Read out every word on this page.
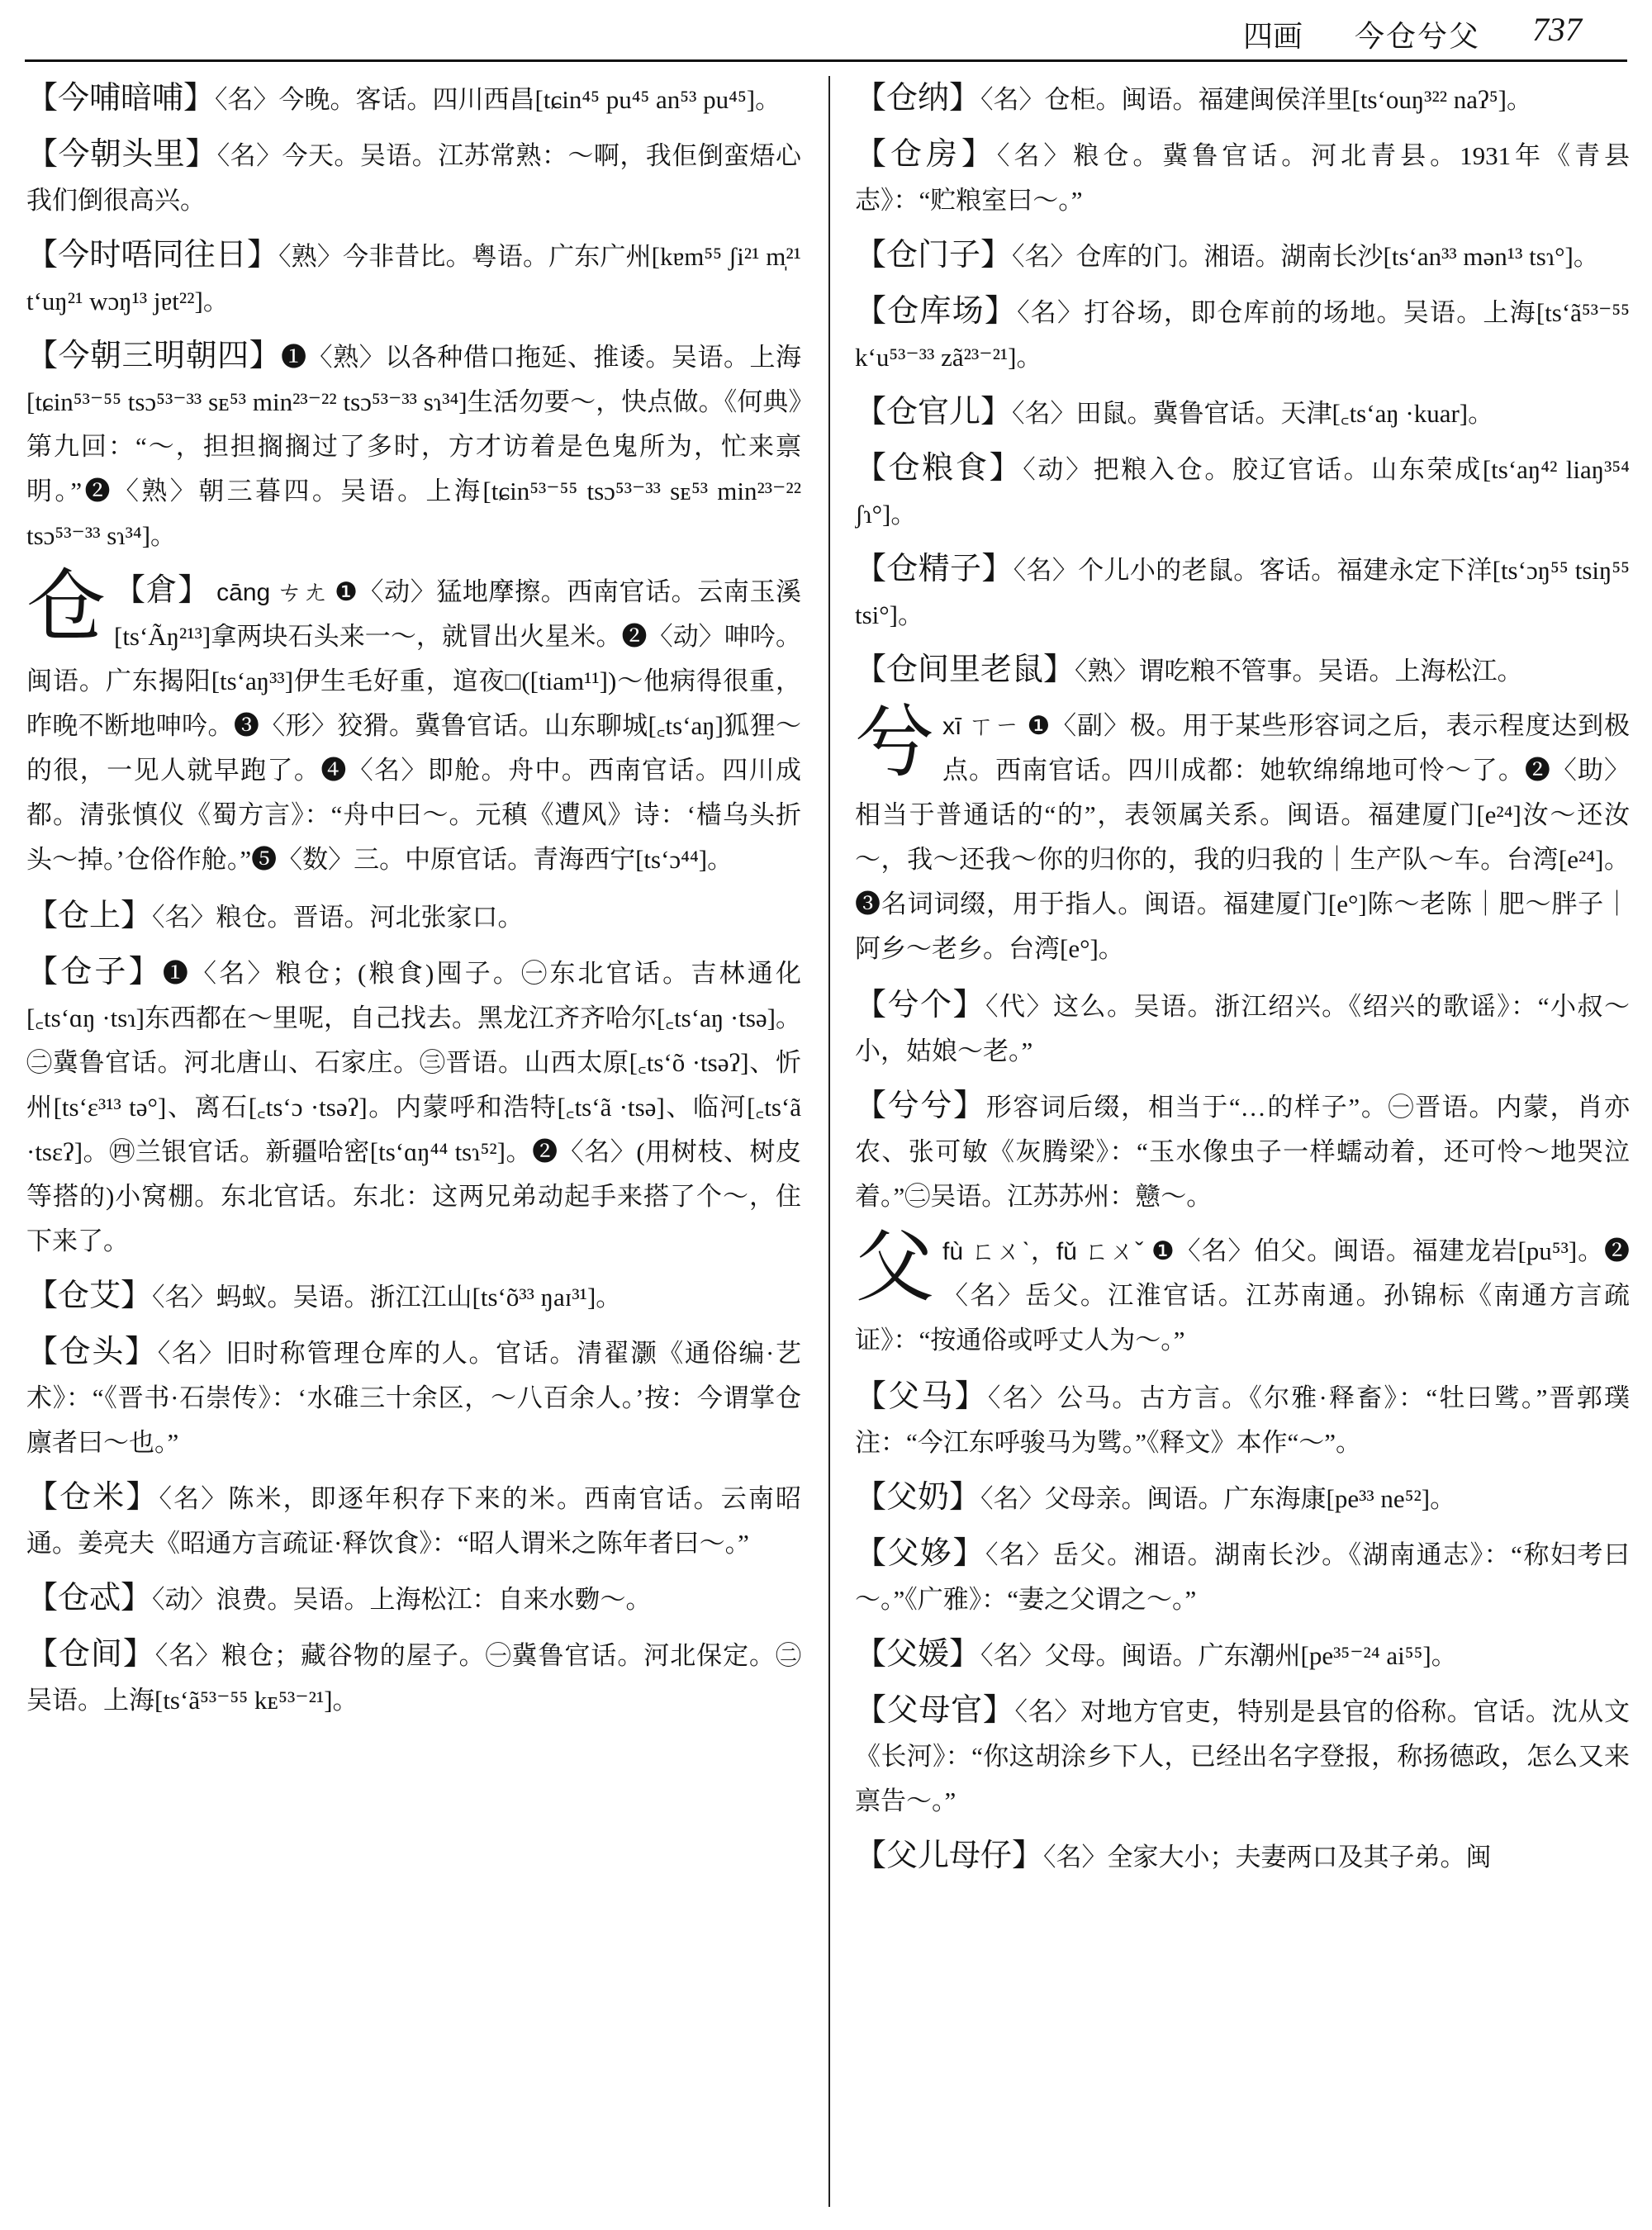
四画 今仓兮父 737

【今哺暗哺】〈名〉今晚。客话。四川西昌[tɕin⁴⁵ pu⁴⁵ an⁵³ pu⁴⁵]。

【今朝头里】〈名〉今天。吴语。江苏常熟：～啊，我佢倒蛮焐心我们倒很高兴。

【今时唔同往日】〈熟〉今非昔比。粤语。广东广州[kɐm⁵⁵ ʃi²¹ m̩²¹ tʻuŋ²¹ wɔŋ¹³ jɐt²²]。

【今朝三明朝四】❶〈熟〉以各种借口拖延、推诿。吴语。上海[tɕin⁵³⁻⁵⁵ tsɔ⁵³⁻³³ sᴇ⁵³ min²³⁻²² tsɔ⁵³⁻³³ sɿ³⁴]生活勿要～，快点做。《何典》第九回：“～，担担搁搁过了多时，方才访着是色鬼所为，忙来禀明。”❷〈熟〉朝三暮四。吴语。上海[tɕin⁵³⁻⁵⁵ tsɔ⁵³⁻³³ sᴇ⁵³ min²³⁻²² tsɔ⁵³⁻³³ sɿ³⁴]。

仓 【倉】 cāng ㄘㄤ ❶〈动〉猛地摩擦。西南官话。云南玉溪[tsʻÃŋ²¹³]拿两块石头来一～，就冒出火星米。❷〈动〉呻吟。闽语。广东揭阳[tsʻaŋ³³]伊生毛好重，逭夜□([tiam¹¹])～他病得很重，昨晚不断地呻吟。❸〈形〉狡猾。冀鲁官话。山东聊城[꜀tsʻaŋ]狐狸～的很，一见人就早跑了。❹〈名〉即舱。舟中。西南官话。四川成都。清张慎仪《蜀方言》：“舟中曰～。元稹《遭风》诗：‘樯乌头折头～掉。’仓俗作舱。”❺〈数〉三。中原官话。青海西宁[tsʻɔ⁴⁴]。

【仓上】〈名〉粮仓。晋语。河北张家口。

【仓子】❶〈名〉粮仓；(粮食)囤子。㊀东北官话。吉林通化[꜀tsʻɑŋ ·tsɿ]东西都在～里呢，自己找去。黑龙江齐齐哈尔[꜀tsʻaŋ ·tsə]。㊁冀鲁官话。河北唐山、石家庄。㊂晋语。山西太原[꜀tsʻõ ·tsəʔ]、忻州[tsʻɛ³¹³ tə°]、离石[꜀tsʻɔ ·tsəʔ]。内蒙呼和浩特[꜀tsʻã ·tsə]、临河[꜀tsʻã ·tsɛʔ]。㊃兰银官话。新疆哈密[tsʻɑŋ⁴⁴ tsɿ⁵²]。❷〈名〉(用树枝、树皮等搭的)小窝棚。东北官话。东北：这两兄弟动起手来搭了个～，住下来了。

【仓艾】〈名〉蚂蚁。吴语。浙江江山[tsʻõ³³ ŋaɪ³¹]。

【仓头】〈名〉旧时称管理仓库的人。官话。清翟灏《通俗编·艺术》：“《晋书·石崇传》：‘水碓三十余区，～八百余人。’按：今谓掌仓廪者曰～也。”

【仓米】〈名〉陈米，即逐年积存下来的米。西南官话。云南昭通。姜亮夫《昭通方言疏证·释饮食》：“昭人谓米之陈年者曰～。”

【仓忒】〈动〉浪费。吴语。上海松江：自来水覅～。

【仓间】〈名〉粮仓；藏谷物的屋子。㊀冀鲁官话。河北保定。㊁吴语。上海[tsʻã⁵³⁻⁵⁵ kᴇ⁵³⁻²¹]。

【仓纳】〈名〉仓柜。闽语。福建闽侯洋里[tsʻouŋ³²² naʔ⁵]。

【仓房】〈名〉粮仓。冀鲁官话。河北青县。1931年《青县志》：“贮粮室曰～。”

【仓门子】〈名〉仓库的门。湘语。湖南长沙[tsʻan³³ mən¹³ tsɿ°]。

【仓库场】〈名〉打谷场，即仓库前的场地。吴语。上海[tsʻã⁵³⁻⁵⁵ kʻu⁵³⁻³³ zã²³⁻²¹]。

【仓官儿】〈名〉田鼠。冀鲁官话。天津[꜀tsʻaŋ ·kuar]。

【仓粮食】〈动〉把粮入仓。胶辽官话。山东荣成[tsʻaŋ⁴² liaŋ³⁵⁴ ʃɿ°]。

【仓精子】〈名〉个儿小的老鼠。客话。福建永定下洋[tsʻɔŋ⁵⁵ tsiŋ⁵⁵ tsi°]。

【仓间里老鼠】〈熟〉谓吃粮不管事。吴语。上海松江。

兮 xī ㄒㄧ ❶〈副〉极。用于某些形容词之后，表示程度达到极点。西南官话。四川成都：她软绵绵地可怜～了。❷〈助〉相当于普通话的“的”，表领属关系。闽语。福建厦门[e²⁴]汝～还汝～，我～还我～你的归你的，我的归我的｜生产队～车。台湾[e²⁴]。❸名词词缀，用于指人。闽语。福建厦门[e°]陈～老陈｜肥～胖子｜阿乡～老乡。台湾[e°]。

【兮个】〈代〉这么。吴语。浙江绍兴。《绍兴的歌谣》：“小叔～小，姑娘～老。”

【兮兮】形容词后缀，相当于“…的样子”。㊀晋语。内蒙，肖亦农、张可敏《灰腾梁》：“玉水像虫子一样蠕动着，还可怜～地哭泣着。”㊁吴语。江苏苏州：戆～。

父 fù ㄈㄨˋ，fǔ ㄈㄨˇ ❶〈名〉伯父。闽语。福建龙岩[pu⁵³]。❷〈名〉岳父。江淮官话。江苏南通。孙锦标《南通方言疏证》：“按通俗或呼丈人为～。”

【父马】〈名〉公马。古方言。《尔雅·释畜》：“牡曰骘。”晋郭璞注：“今江东呼骏马为骘。”《释文》本作“～”。

【父奶】〈名〉父母亲。闽语。广东海康[pe³³ ne⁵²]。

【父姼】〈名〉岳父。湘语。湖南长沙。《湖南通志》：“称妇考曰～。”《广雅》：“妻之父谓之～。”

【父媛】〈名〉父母。闽语。广东潮州[pe³⁵⁻²⁴ ai⁵⁵]。

【父母官】〈名〉对地方官吏，特别是县官的俗称。官话。沈从文《长河》：“你这胡涂乡下人，已经出名字登报，称扬德政，怎么又来禀告～。”

【父儿母仔】〈名〉全家大小；夫妻两口及其子弟。闽
